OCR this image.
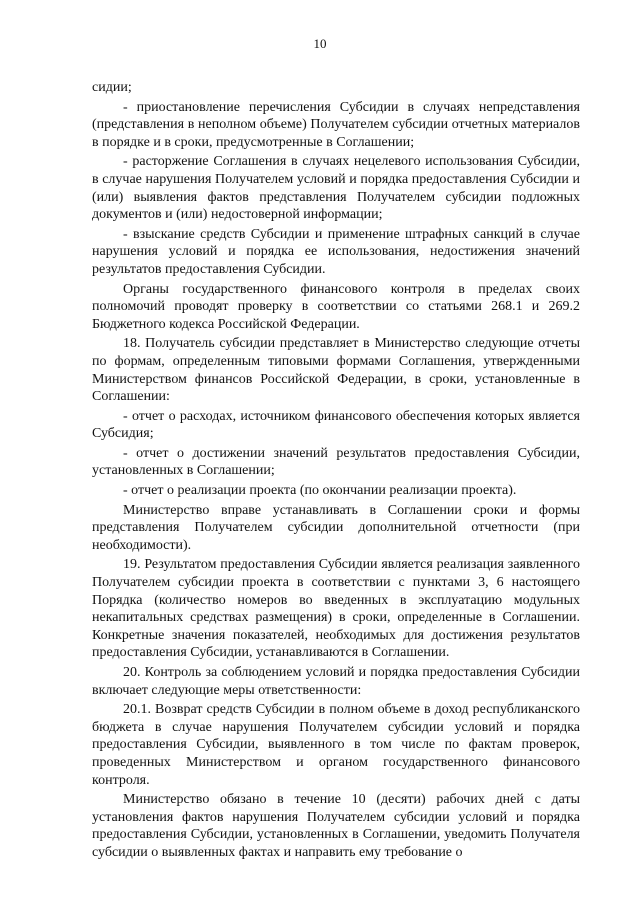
10

сидии;

- приостановление перечисления Субсидии в случаях непредставления (представления в неполном объеме) Получателем субсидии отчетных материалов в порядке и в сроки, предусмотренные в Соглашении;

- расторжение Соглашения в случаях нецелевого использования Субсидии, в случае нарушения Получателем условий и порядка предоставления Субсидии и (или) выявления фактов представления Получателем субсидии подложных документов и (или) недостоверной информации;

- взыскание средств Субсидии и применение штрафных санкций в случае нарушения условий и порядка ее использования, недостижения значений результатов предоставления Субсидии.

Органы государственного финансового контроля в пределах своих полномочий проводят проверку в соответствии со статьями 268.1 и 269.2 Бюджетного кодекса Российской Федерации.

18. Получатель субсидии представляет в Министерство следующие отчеты по формам, определенным типовыми формами Соглашения, утвержденными Министерством финансов Российской Федерации, в сроки, установленные в Соглашении:

- отчет о расходах, источником финансового обеспечения которых является Субсидия;

- отчет о достижении значений результатов предоставления Субсидии, установленных в Соглашении;

- отчет о реализации проекта (по окончании реализации проекта).

Министерство вправе устанавливать в Соглашении сроки и формы представления Получателем субсидии дополнительной отчетности (при необходимости).

19. Результатом предоставления Субсидии является реализация заявленного Получателем субсидии проекта в соответствии с пунктами 3, 6 настоящего Порядка (количество номеров во введенных в эксплуатацию модульных некапитальных средствах размещения) в сроки, определенные в Соглашении. Конкретные значения показателей, необходимых для достижения результатов предоставления Субсидии, устанавливаются в Соглашении.

20. Контроль за соблюдением условий и порядка предоставления Субсидии включает следующие меры ответственности:

20.1. Возврат средств Субсидии в полном объеме в доход республиканского бюджета в случае нарушения Получателем субсидии условий и порядка предоставления Субсидии, выявленного в том числе по фактам проверок, проведенных Министерством и органом государственного финансового контроля.

Министерство обязано в течение 10 (десяти) рабочих дней с даты установления фактов нарушения Получателем субсидии условий и порядка предоставления Субсидии, установленных в Соглашении, уведомить Получателя субсидии о выявленных фактах и направить ему требование о
